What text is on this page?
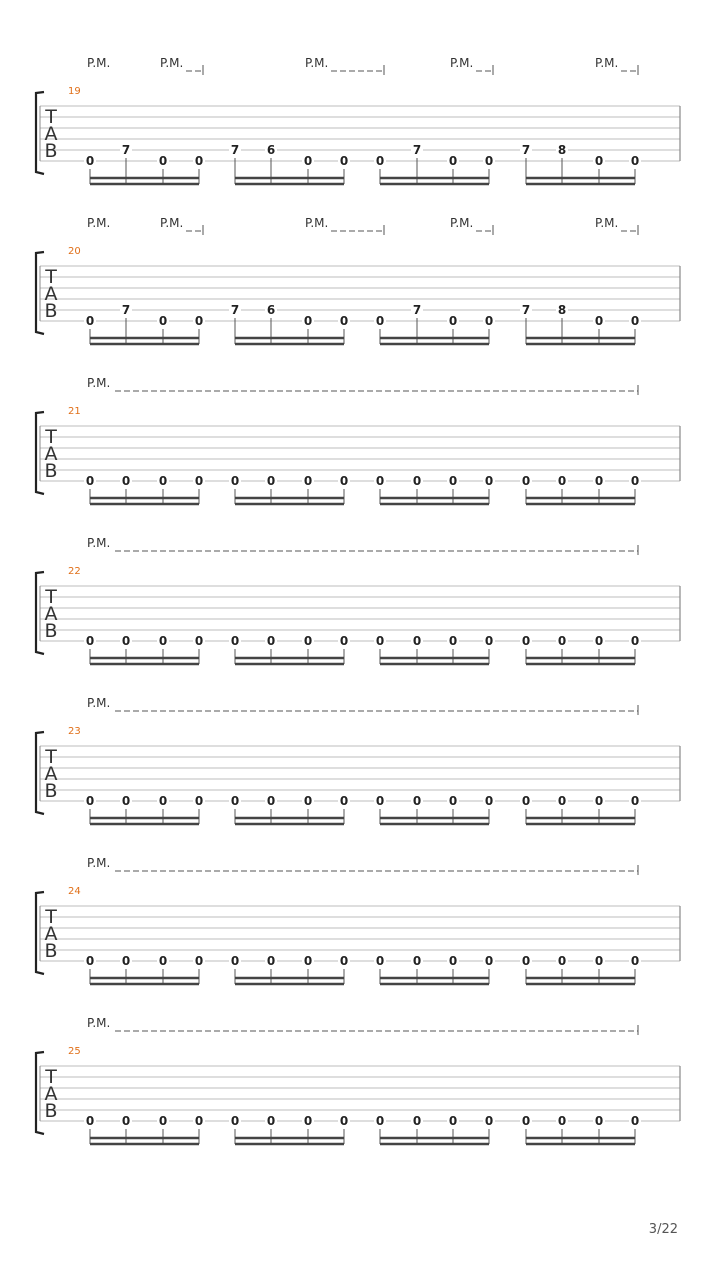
T
A
B
19
P.M.	P.M.	P.M.	P.M.	P.M.
0
7
0 0
7 6
0 0 0
7
0 0
7 8
0 0
T
A
B
20
P.M.	P.M.	P.M.	P.M.	P.M.
0
7
0 0
7 6
0 0 0
7
0 0
7 8
0 0
T
A
B
21
P.M.
0 0 0 0 0 0 0 0 0 0 0 0 0 0 0 0
T
A
B
22
P.M.
0 0 0 0 0 0 0 0 0 0 0 0 0 0 0 0
T
A
B
23
P.M.
0 0 0 0 0 0 0 0 0 0 0 0 0 0 0 0
T
A
B
24
P.M.
0 0 0 0 0 0 0 0 0 0 0 0 0 0 0 0
T
A
B
25
P.M.
0 0 0 0 0 0 0 0 0 0 0 0 0 0 0 0
3/22
